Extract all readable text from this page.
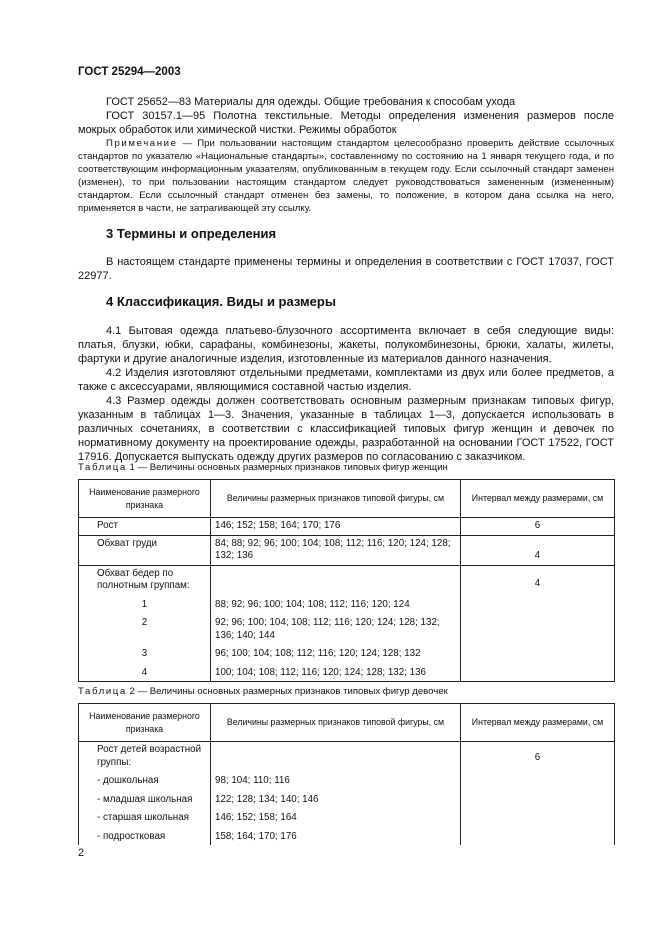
ГОСТ 25294—2003

ГОСТ 25652—83 Материалы для одежды. Общие требования к способам ухода

ГОСТ 30157.1—95 Полотна текстильные. Методы определения изменения размеров после мокрых обработок или химической чистки. Режимы обработок

Примечание — При пользовании настоящим стандартом целесообразно проверить действие ссылочных стандартов по указателю «Национальные стандарты», составленному по состоянию на 1 января текущего года, и по соответствующим информационным указателям, опубликованным в текущем году. Если ссылочный стандарт заменен (изменен), то при пользовании настоящим стандартом следует руководствоваться замененным (измененным) стандартом. Если ссылочный стандарт отменен без замены, то положение, в котором дана ссылка на него, применяется в части, не затрагивающей эту ссылку.

3 Термины и определения

В настоящем стандарте применены термины и определения в соответствии с ГОСТ 17037, ГОСТ 22977.

4 Классификация. Виды и размеры

4.1 Бытовая одежда платьево-блузочного ассортимента включает в себя следующие виды: платья, блузки, юбки, сарафаны, комбинезоны, жакеты, полукомбинезоны, брюки, халаты, жилеты, фартуки и другие аналогичные изделия, изготовленные из материалов данного назначения.

4.2 Изделия изготовляют отдельными предметами, комплектами из двух или более предметов, а также с аксессуарами, являющимися составной частью изделия.

4.3 Размер одежды должен соответствовать основным размерным признакам типовых фигур, указанным в таблицах 1—3. Значения, указанные в таблицах 1—3, допускается использовать в различных сочетаниях, в соответствии с классификацией типовых фигур женщин и девочек по нормативному документу на проектирование одежды, разработанной на основании ГОСТ 17522, ГОСТ 17916. Допускается выпускать одежду других размеров по согласованию с заказчиком.

Таблица 1 — Величины основных размерных признаков типовых фигур женщин

Наименование размерного признака	Величины размерных признаков типовой фигуры, см	Интервал между размерами, см
Рост	146; 152; 158; 164; 170; 176	6
Обхват груди	84; 88; 92; 96; 100; 104; 108; 112; 116; 120; 124; 128; 132; 136	4
Обхват бедер по полнотным группам:		4
1	88; 92; 96; 100; 104; 108; 112; 116; 120; 124	
2	92; 96; 100; 104; 108; 112; 116; 120; 124; 128; 132; 136; 140; 144	
3	96; 100; 104; 108; 112; 116; 120; 124; 128; 132	
4	100; 104; 108; 112; 116; 120; 124; 128; 132; 136	

Таблица 2 — Величины основных размерных признаков типовых фигур девочек

Наименование размерного признака	Величины размерных признаков типовой фигуры, см	Интервал между размерами, см
Рост детей возрастной группы:		6
- дошкольная	98; 104; 110; 116	
- младшая школьная	122; 128; 134; 140; 146	
- старшая школьная	146; 152; 158; 164	
- подростковая	158; 164; 170; 176	
2
